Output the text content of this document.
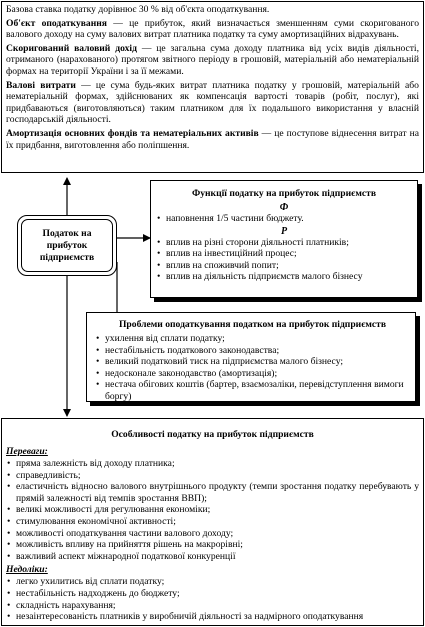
Базова ставка податку дорівнює 30 % від об'єкта оподаткування.

Об'єкт оподаткування — це прибуток, який визначається зменшенням суми скоригованого валового доходу на суму валових витрат платника податку та суму амортизаційних відрахувань.

Скоригований валовий дохід — це загальна сума доходу платника від усіх видів діяльності, отриманого (нарахованого) протягом звітного періоду в грошовій, матеріальній або нематеріальній формах на території України і за її межами.

Валові витрати — це сума будь-яких витрат платника податку у грошовій, матеріальній або нематеріальній формах, здійснюваних як компенсація вартості товарів (робіт, послуг), які придбаваються (виготовляються) таким платником для їх подальшого використання у власній господарській діяльності.

Амортизація основних фондів та нематеріальних активів — це поступове віднесення витрат на їх придбання, виготовлення або поліпшення.

Податок на прибуток підприємств
Функції податку на прибуток підприємств
Ф
• наповнення 1/5 частини бюджету.
Р
• вплив на різні сторони діяльності платників;
• вплив на інвестиційний процес;
• вплив на споживчий попит;
• вплив на діяльність підприємств малого бізнесу
Проблеми оподаткування податком на прибуток підприємств
• ухилення від сплати податку;
• нестабільність податкового законодавства;
• великий податковий тиск на підприємства малого бізнесу;
• недосконале законодавство (амортизація);
• нестача обігових коштів (бартер, взаємозаліки, перевідступлення вимоги боргу)
Особливості податку на прибуток підприємств
Переваги:
• пряма залежність від доходу платника;
• справедливість;
• еластичність відносно валового внутрішнього продукту (темпи зростання податку перебувають у прямій залежності від темпів зростання ВВП);
• великі можливості для регулювання економіки;
• стимулювання економічної активності;
• можливості оподаткування частини валового доходу;
• можливість впливу на прийняття рішень на макрорівні;
• важливий аспект міжнародної податкової конкуренції
Недоліки:
• легко ухилитись від сплати податку;
• нестабільність надходжень до бюджету;
• складність нарахування;
• незаінтересованість платників у виробничій діяльності за надмірного оподаткування
